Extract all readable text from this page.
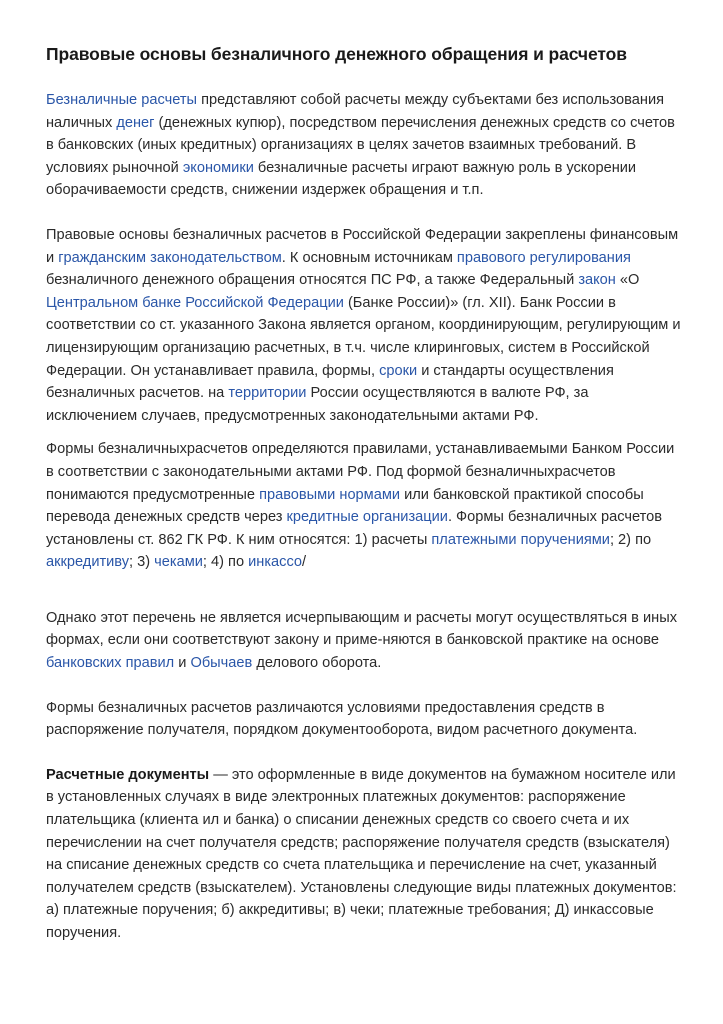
Правовые основы безналичного денежного обращения и расчетов

Безналичные расчеты представляют собой расчеты между субъектами без использования наличных денег (денежных купюр), посредством перечисления денежных средств со счетов в банковских (иных кредитных) организациях в целях зачетов взаимных требований. В условиях рыночной экономики безналичные расчеты играют важную роль в ускорении оборачиваемости средств, снижении издержек обращения и т.п.

Правовые основы безналичных расчетов в Российской Федерации закреплены финансовым и гражданским законодательством. К основным источникам правового регулирования безналичного денежного обращения относятся ПС РФ, а также Федеральный закон «О Центральном банке Российской Федерации (Банке России)» (гл. XII). Банк России в соответствии со ст. указанного Закона является органом, координирующим, регулирующим и лицензирующим организацию расчетных, в т.ч. числе клиринговых, систем в Российской Федерации. Он устанавливает правила, формы, сроки и стандарты осуществления безналичных расчетов. на территории России осуществляются в валюте РФ, за исключением случаев, предусмотренных законодательными актами РФ.

Формы безналичныхрасчетов определяются правилами, устанавливаемыми Банком России в соответствии с законодательными актами РФ. Под формой безналичныхрасчетов понимаются предусмотренные правовыми нормами или банковской практикой способы перевода денежных средств через кредитные организации. Формы безналичных расчетов установлены ст. 862 ГК РФ. К ним относятся: 1) расчеты платежными поручениями; 2) по аккредитиву; 3) чеками; 4) по инкассо/

Однако этот перечень не является исчерпывающим и расчеты могут осуществляться в иных формах, если они соответствуют закону и приме-няются в банковской практике на основе банковских правил и Обычаев делового оборота.

Формы безналичных расчетов различаются условиями предоставления средств в распоряжение получателя, порядком документооборота, видом расчетного документа.

Расчетные документы — это оформленные в виде документов на бумажном носителе или в установленных случаях в виде электронных платежных документов: распоряжение плательщика (клиента ил и банка) о списании денежных средств со своего счета и их перечислении на счет получателя средств; распоряжение получателя средств (взыскателя) на списание денежных средств со счета плательщика и перечисление на счет, указанный получателем средств (взыскателем). Установлены следующие виды платежных документов: а) платежные поручения; б) аккредитивы; в) чеки; платежные требования; Д) инкассовые поручения.
